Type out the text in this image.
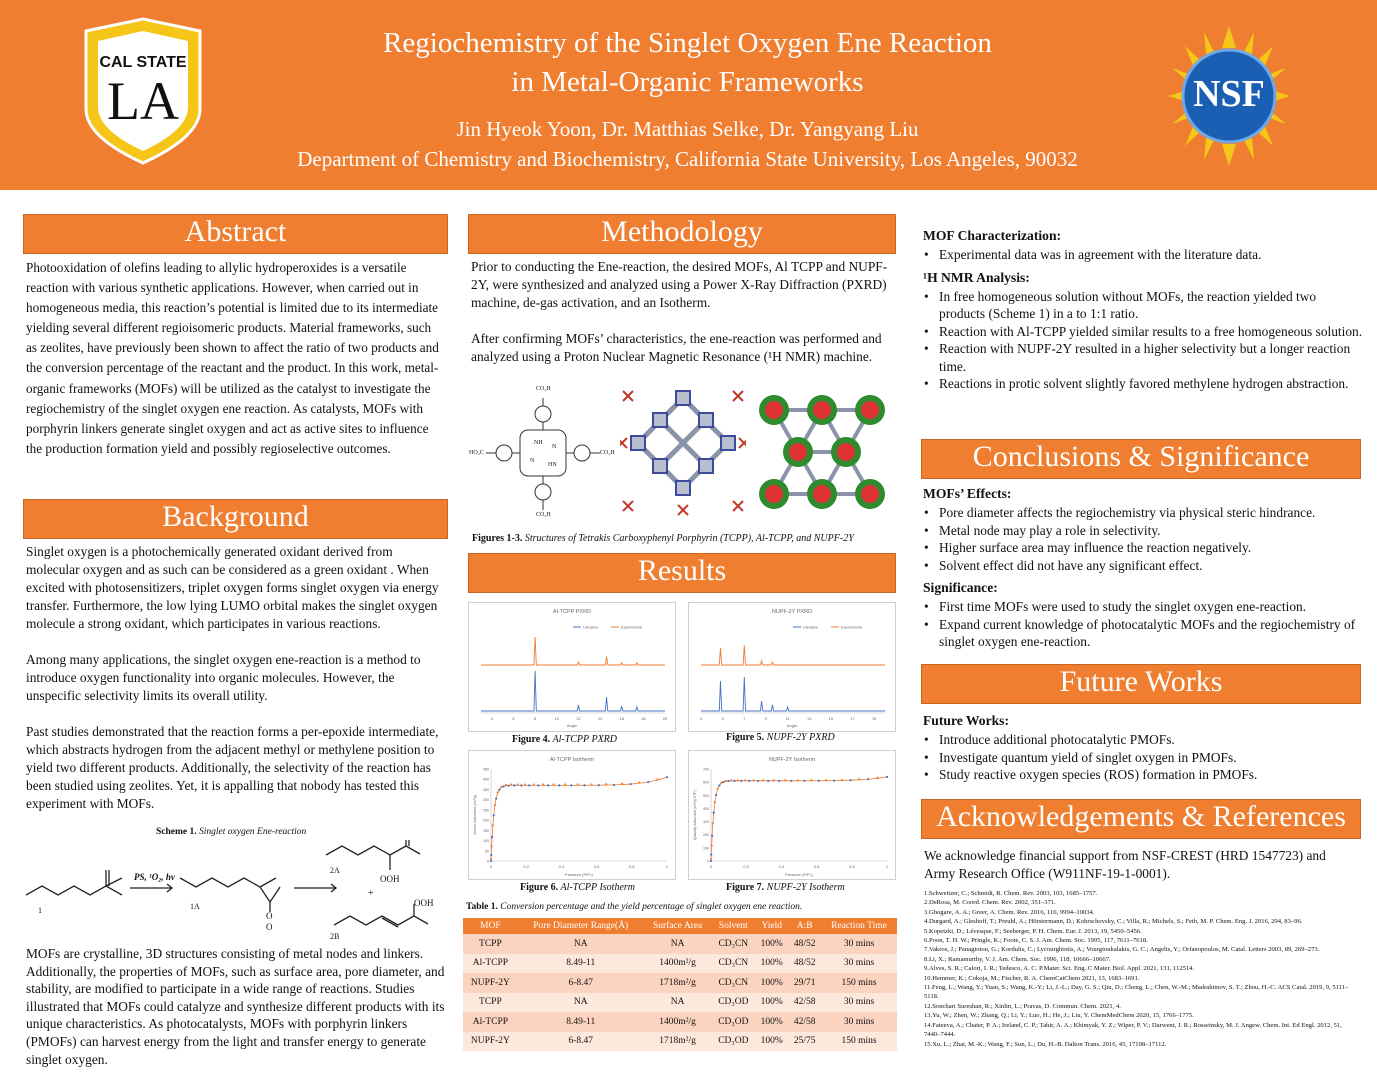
CAL STATE
LA
Regiochemistry of the Singlet Oxygen Ene Reaction
in Metal-Organic Frameworks
Jin Hyeok Yoon, Dr. Matthias Selke, Dr. Yangyang Liu
Department of Chemistry and Biochemistry, California State University, Los Angeles, 90032
NSF
Abstract
Photooxidation of olefins leading to allylic hydroperoxides is a versatile reaction with various synthetic applications. However, when carried out in homogeneous media, this reaction’s potential is limited due to its intermediate yielding several different regioisomeric products. Material frameworks, such as zeolites, have previously been shown to affect the ratio of two products and the conversion percentage of the reactant and the product. In this work, metal-organic frameworks (MOFs) will be utilized as the catalyst to investigate the regiochemistry of the singlet oxygen ene reaction. As catalysts, MOFs with porphyrin linkers generate singlet oxygen and act as active sites to influence the production formation yield and possibly regioselective outcomes.
Background

Singlet oxygen is a photochemically generated oxidant derived from molecular oxygen and as such can be considered as a green oxidant . When excited with photosensitizers, triplet oxygen forms singlet oxygen via energy transfer. Furthermore, the low lying LUMO orbital makes the singlet oxygen molecule a strong oxidant, which participates in various reactions.

Among many applications, the singlet oxygen ene-reaction is a method to introduce oxygen functionality into organic molecules. However, the unspecific selectivity limits its overall utility.

Past studies demonstrated that the reaction forms a per-epoxide intermediate, which abstracts hydrogen from the adjacent methyl or methylene position to yield two different products. Additionally, the selectivity of the reaction has been studied using zeolites. Yet, it is appalling that nobody has tested this experiment with MOFs.

Scheme 1. Singlet oxygen Ene-reaction
PS, ¹O₂, hv
1	1A
O
O
2A
OOH
+
OOH
2B
MOFs are crystalline, 3D structures consisting of metal nodes and linkers. Additionally, the properties of MOFs, such as surface area, pore diameter, and stability, are modified to participate in a wide range of reactions. Studies illustrated that MOFs could catalyze and synthesize different products with its unique characteristics. As photocatalysts, MOFs with porphyrin linkers (PMOFs) can harvest energy from the light and transfer energy to generate singlet oxygen.
Methodology

Prior to conducting the Ene-reaction, the desired MOFs, Al TCPP and NUPF-2Y, were synthesized and analyzed using a Power X-Ray Diffraction (PXRD) machine, de-gas activation, and an Isotherm.

After confirming MOFs’ characteristics, the ene-reaction was performed and analyzed using a Proton Nuclear Magnetic Resonance (¹H NMR) machine.

CO₂H
CO₂H
HO₂C	CO₂H
NH
N
N
HN
Figures 1-3. Structures of Tetrakis Carboxyphenyl Porphyrin (TCPP), Al-TCPP, and NUPF-2Y
Results
Al-TCPP PXRD
Literature	Experimental
4	6	8	10	12	14	16	18	20
Angle
NUPF-2Y PXRD
Literature	Experimental
3	5	7	9	11	13	15	17	19
Angle
Figure 4. Al-TCPP PXRD	Figure 5. NUPF-2Y PXRD
Al-TCPP Isotherm
0	0.2	0.4	0.6	0.8	1
0
50
100
150
200
250
300
350
400
450
Pressure (P/P₀)
Volume Adsorbed (cm³/g)
NUPF-2Y Isotherm
0	0.2	0.4	0.6	0.8	1
0
100
200
300
400
500
600
700
Pressure (P/P₀)
Quantity Adsorbed (cm³/g STP)
Figure 6. Al-TCPP Isotherm	Figure 7. NUPF-2Y Isotherm
Table 1. Conversion percentage and the yield percentage of singlet oxygen ene reaction.
MOF	Pore Diameter Range(Å)	Surface Area	Solvent	Yield	A:B	Reaction Time
TCPP	NA	NA	CD₃CN	100%	48/52	30 mins
Al-TCPP	8.49-11	1400m²/g	CD₃CN	100%	48/52	30 mins
NUPF-2Y	6-8.47	1718m²/g	CD₃CN	100%	29/71	150 mins
TCPP	NA	NA	CD₃OD	100%	42/58	30 mins
Al-TCPP	8.49-11	1400m²/g	CD₃OD	100%	42/58	30 mins
NUPF-2Y	6-8.47	1718m²/g	CD₃OD	100%	25/75	150 mins
MOF Characterization:
• Experimental data was in agreement with the literature data.
¹H NMR Analysis:
• In free homogeneous solution without MOFs, the reaction yielded two products (Scheme 1) in a to 1:1 ratio.
• Reaction with Al-TCPP yielded similar results to a free homogeneous solution.
• Reaction with NUPF-2Y resulted in a higher selectivity but a longer reaction time.
• Reactions in protic solvent slightly favored methylene hydrogen abstraction.
Conclusions & Significance
MOFs’ Effects:
• Pore diameter affects the regiochemistry via physical steric hindrance.
• Metal node may play a role in selectivity.
• Higher surface area may influence the reaction negatively.
• Solvent effect did not have any significant effect.
Significance:
• First time MOFs were used to study the singlet oxygen ene-reaction.
• Expand current knowledge of photocatalytic MOFs and the regiochemistry of singlet oxygen ene-reaction.
Future Works
Future Works:
• Introduce additional photocatalytic PMOFs.
• Investigate quantum yield of singlet oxygen in PMOFs.
• Study reactive oxygen species (ROS) formation in PMOFs.
Acknowledgements & References
We acknowledge financial support from NSF-CREST (HRD 1547723) and Army Research Office (W911NF-19-1-0001).
1.Schweitzer, C.; Schmidt, R. Chem. Rev. 2003, 103, 1685–1757.
2.DeRosa, M. Coord. Chem. Rev. 2002, 351–371.
3.Ghogare, A. A.; Greer, A. Chem. Rev. 2016, 116, 9994–10034.
4.Durgard, A.; Gleshoff, T.; Preuhl, A.; Hörstermann, D.; Kohrschovsky, C.; Villa, R.; Michels, S.; Feth, M. P. Chem. Eng. J. 2016, 294, 83–96.
5.Kopetzki, D.; Lévesque, F.; Seeberger, P. H. Chem. Eur. J. 2013, 19, 5450–5456.
6.Poon, T. H. W.; Pringle, K.; Foote, C. S. J. Am. Chem. Soc. 1995, 117, 7611–7618.
7.Vakros, J.; Panagiotou, G.; Kordulis, C.; Lycourghiotis, A.; Vourgioukalakis, G. C.; Angelis, Y.; Orfanopoulos, M. Catal. Letters 2003, 89, 269–273.
8.Li, X.; Ramamurthy, V. J. Am. Chem. Soc. 1996, 118, 10666–10667.
9.Alves, S. R.; Calori, I. R.; Tedesco, A. C. P.Mater. Sci. Eng. C Mater. Biol. Appl. 2021, 131, 112514.
10.Hemmer, K.; Cokoja, M.; Fischer, R. A. ChemCatChem 2021, 13, 1683–1691.
11.Feng, L.; Wang, Y.; Yuan, S.; Wang, K.-Y.; Li, J.-L.; Day, G. S.; Qiu, D.; Cheng, L.; Chen, W.-M.; Madrahimov, S. T.; Zhou, H.-C. ACS Catal. 2019, 9, 5111–5118.
12.Sonchari Sureshan, R.; Xinlin, L.; Pravas, D. Commun. Chem. 2021, 4.
13.Yu, W.; Zhen, W.; Zhang, Q.; Li, Y.; Luo, H.; He, J.; Liu, Y. ChemMedChem 2020, 15, 1766–1775.
14.Fateeva, A.; Chater, P. A.; Ireland, C. P.; Tahir, A. A.; Khimyak, Y. Z.; Wiper, P. V.; Darwent, J. R.; Rosseinsky, M. J. Angew. Chem. Int. Ed Engl. 2012, 51, 7440–7444.
15.Xu, L.; Zhai, M.-K.; Wang, F.; Sun, L.; Du, H.-B. Dalton Trans. 2016, 45, 17108–17112.
